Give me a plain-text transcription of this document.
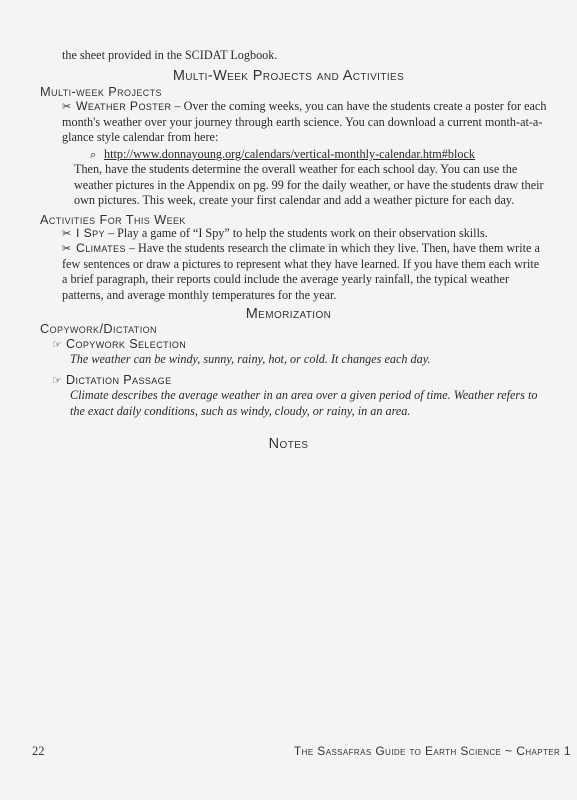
the sheet provided in the SCIDAT Logbook.
Multi-Week Projects and Activities
Multi-week Projects
✂ Weather Poster – Over the coming weeks, you can have the students create a poster for each month's weather over your journey through earth science. You can download a current month-at-a-glance style calendar from here:
⌕ http://www.donnayoung.org/calendars/vertical-monthly-calendar.htm#block
Then, have the students determine the overall weather for each school day. You can use the weather pictures in the Appendix on pg. 99 for the daily weather, or have the students draw their own pictures. This week, create your first calendar and add a weather picture for each day.
Activities For This Week
✂ I Spy – Play a game of “I Spy” to help the students work on their observation skills.
✂ Climates – Have the students research the climate in which they live. Then, have them write a few sentences or draw a pictures to represent what they have learned. If you have them each write a brief paragraph, their reports could include the average yearly rainfall, the typical weather patterns, and average monthly temperatures for the year.
Memorization
Copywork/Dictation
☞ Copywork Selection
The weather can be windy, sunny, rainy, hot, or cold. It changes each day.
☞ Dictation Passage
Climate describes the average weather in an area over a given period of time. Weather refers to the exact daily conditions, such as windy, cloudy, or rainy, in an area.
Notes
22	The Sassafras Guide to Earth Science ~ Chapter 1
